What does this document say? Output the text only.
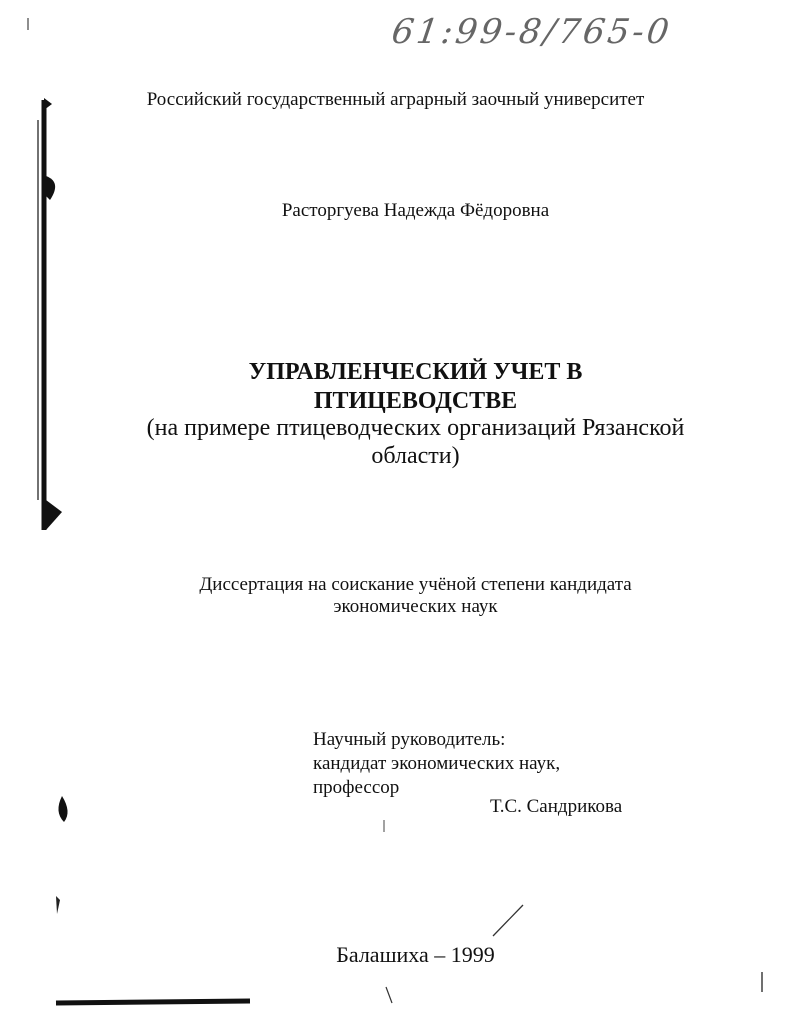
61:99-8/765-0

Российский государственный аграрный заочный университет

Расторгуева Надежда Фёдоровна

УПРАВЛЕНЧЕСКИЙ УЧЕТ В
ПТИЦЕВОДСТВЕ
(на примере птицеводческих организаций Рязанской
области)
Диссертация на соискание учёной степени кандидата
экономических наук
Научный руководитель:
кандидат экономических наук,
профессор

Т.С. Сандрикова

Балашиха – 1999
